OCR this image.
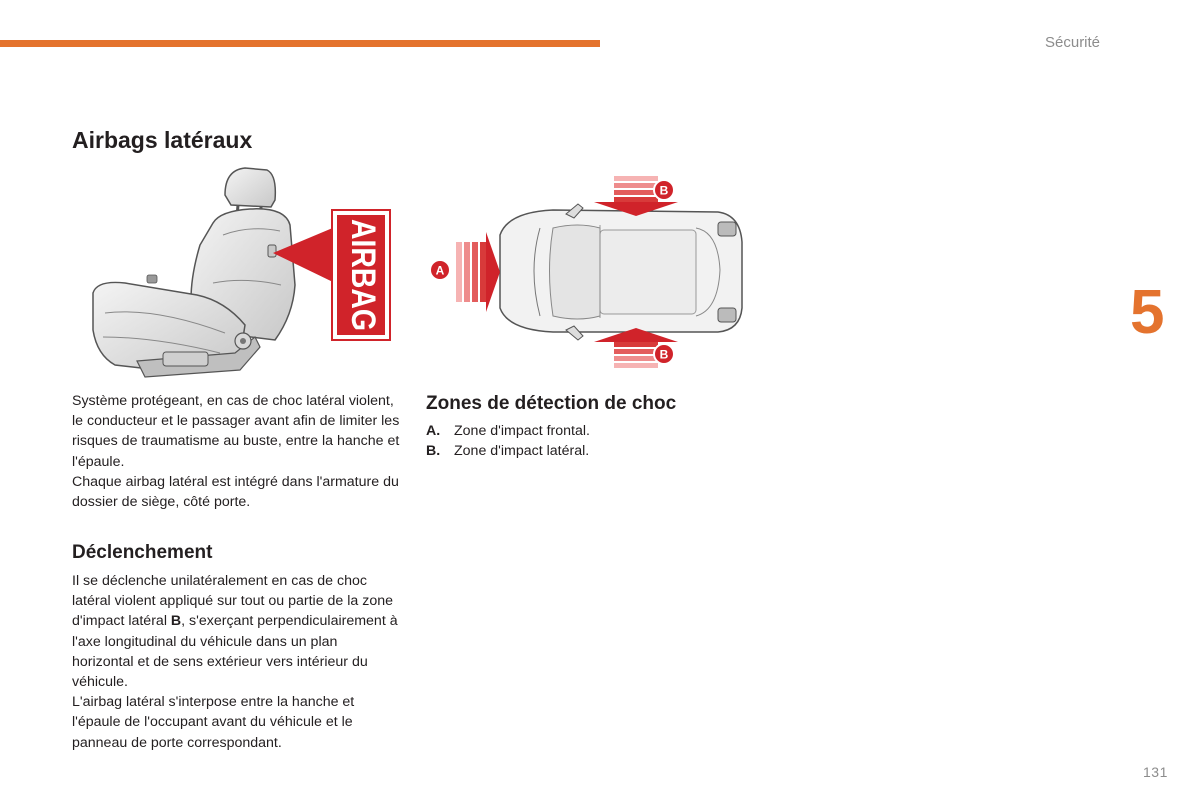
Sécurité
5
131
Airbags latéraux
AIRBAG	A
B
B

Système protégeant, en cas de choc latéral violent, le conducteur et le passager avant afin de limiter les risques de traumatisme au buste, entre la hanche et l'épaule.

Chaque airbag latéral est intégré dans l'armature du dossier de siège, côté porte.

Zones de détection de choc
A. Zone d'impact frontal.
B. Zone d'impact latéral.
Déclenchement

Il se déclenche unilatéralement en cas de choc latéral violent appliqué sur tout ou partie de la zone d'impact latéral B, s'exerçant perpendiculairement à l'axe longitudinal du véhicule dans un plan horizontal et de sens extérieur vers intérieur du véhicule.

L'airbag latéral s'interpose entre la hanche et l'épaule de l'occupant avant du véhicule et le panneau de porte correspondant.
